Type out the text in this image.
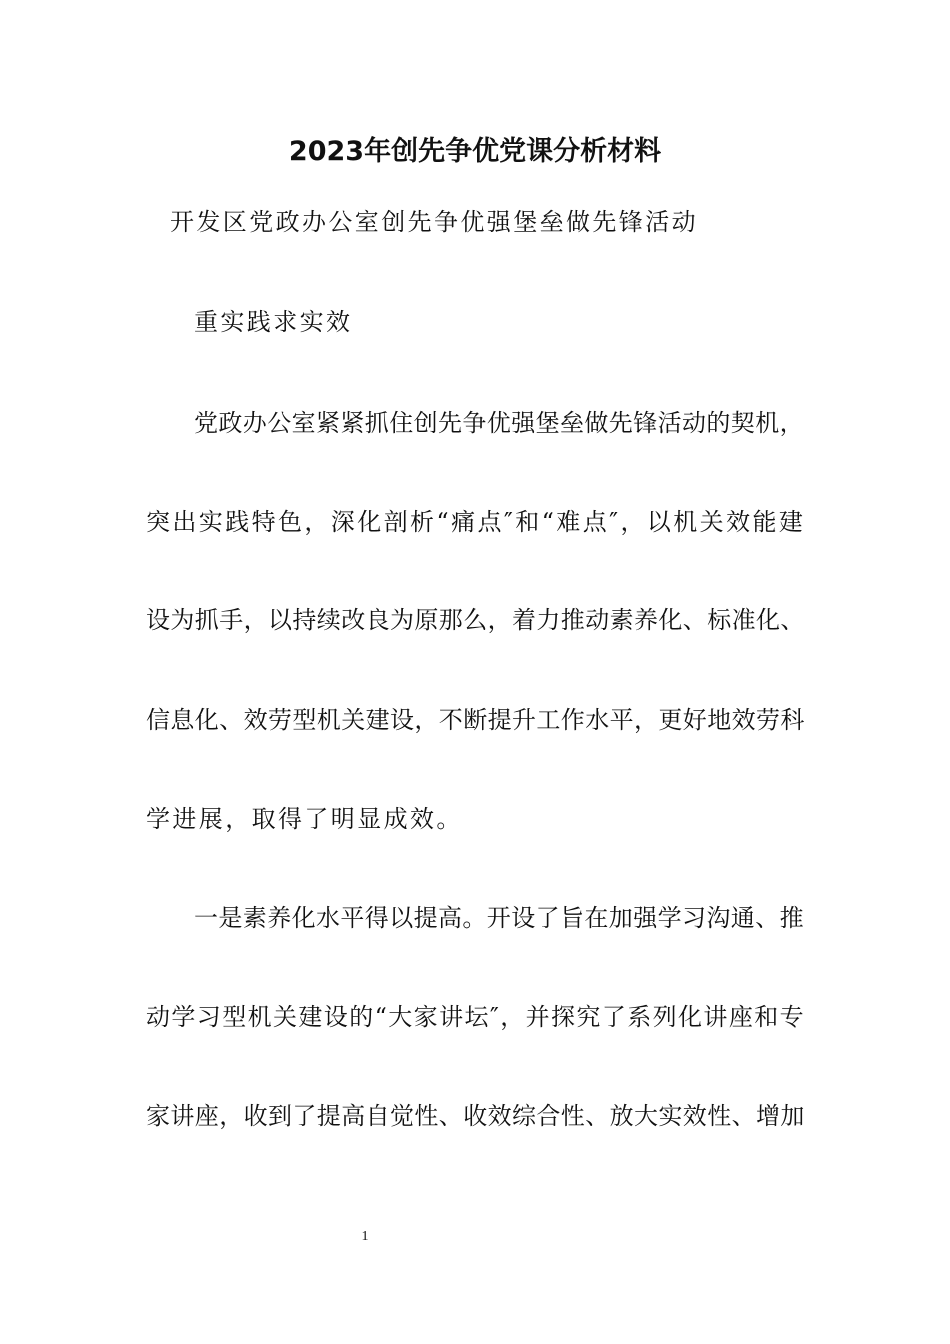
2023年创先争优党课分析材料
开发区党政办公室创先争优强堡垒做先锋活动
重实践求实效
党政办公室紧紧抓住创先争优强堡垒做先锋活动的契机，
突出实践特色，深化剖析“痛点″和“难点″，以机关效能建
设为抓手，以持续改良为原那么，着力推动素养化、标准化、
信息化、效劳型机关建设，不断提升工作水平，更好地效劳科
学进展，取得了明显成效。
一是素养化水平得以提高。开设了旨在加强学习沟通、推
动学习型机关建设的“大家讲坛″，并探究了系列化讲座和专
家讲座，收到了提高自觉性、收效综合性、放大实效性、增加
1
